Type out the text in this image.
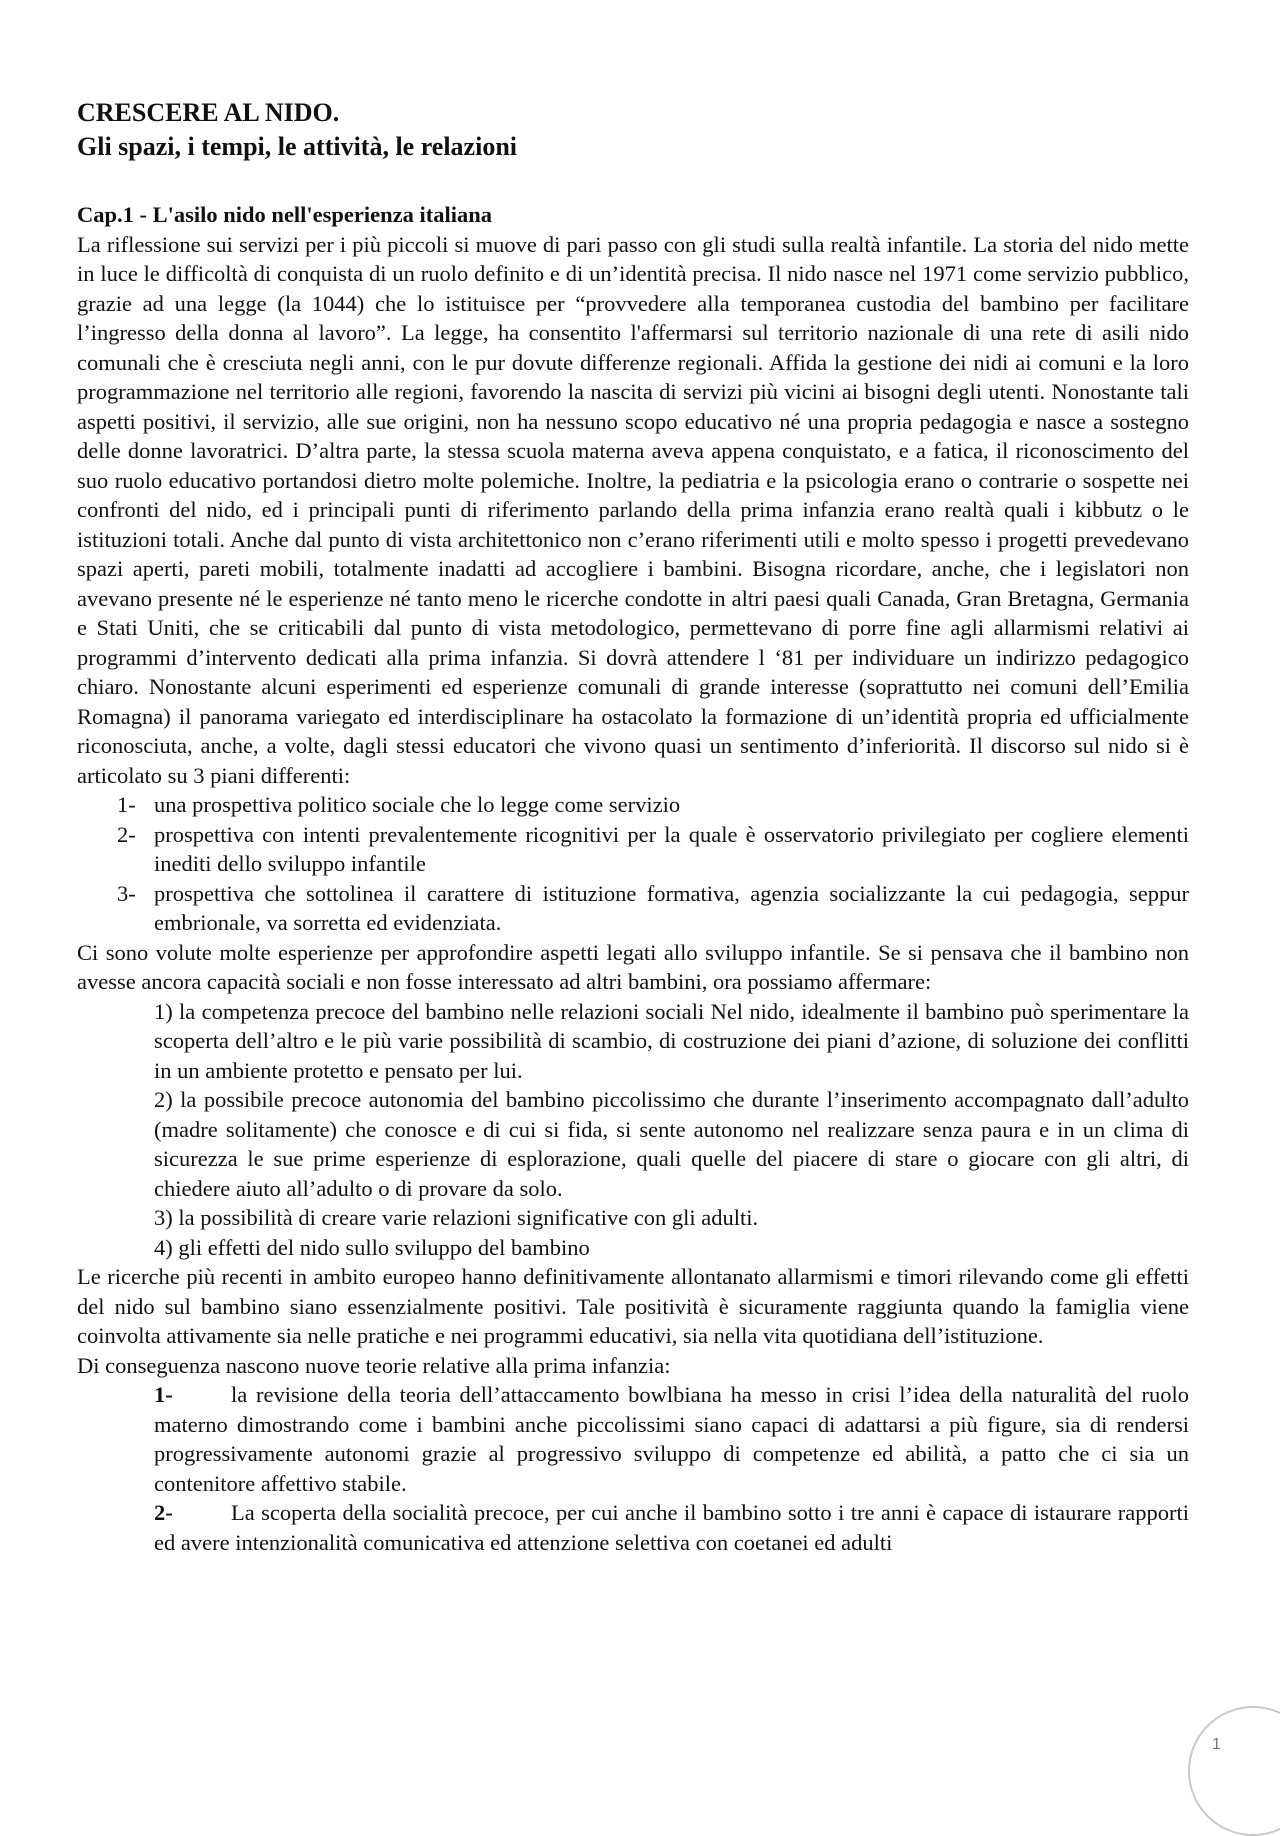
CRESCERE AL NIDO.
Gli spazi, i tempi, le attività, le relazioni
Cap.1 - L'asilo nido nell'esperienza italiana

La riflessione sui servizi per i più piccoli si muove di pari passo con gli studi sulla realtà infantile. La storia del nido mette in luce le difficoltà di conquista di un ruolo definito e di un’identità precisa. Il nido nasce nel 1971 come servizio pubblico, grazie ad una legge (la 1044) che lo istituisce per “provvedere alla temporanea custodia del bambino per facilitare l’ingresso della donna al lavoro”. La legge, ha consentito l'affermarsi sul territorio nazionale di una rete di asili nido comunali che è cresciuta negli anni, con le pur dovute differenze regionali. Affida la gestione dei nidi ai comuni e la loro programmazione nel territorio alle regioni, favorendo la nascita di servizi più vicini ai bisogni degli utenti. Nonostante tali aspetti positivi, il servizio, alle sue origini, non ha nessuno scopo educativo né una propria pedagogia e nasce a sostegno delle donne lavoratrici. D’altra parte, la stessa scuola materna aveva appena conquistato, e a fatica, il riconoscimento del suo ruolo educativo portandosi dietro molte polemiche. Inoltre, la pediatria e la psicologia erano o contrarie o sospette nei confronti del nido, ed i principali punti di riferimento parlando della prima infanzia erano realtà quali i kibbutz o le istituzioni totali. Anche dal punto di vista architettonico non c’erano riferimenti utili e molto spesso i progetti prevedevano spazi aperti, pareti mobili, totalmente inadatti ad accogliere i bambini. Bisogna ricordare, anche, che i legislatori non avevano presente né le esperienze né tanto meno le ricerche condotte in altri paesi quali Canada, Gran Bretagna, Germania e Stati Uniti, che se criticabili dal punto di vista metodologico, permettevano di porre fine agli allarmismi relativi ai programmi d’intervento dedicati alla prima infanzia. Si dovrà attendere l ‘81 per individuare un indirizzo pedagogico chiaro. Nonostante alcuni esperimenti ed esperienze comunali di grande interesse (soprattutto nei comuni dell’Emilia Romagna) il panorama variegato ed interdisciplinare ha ostacolato la formazione di un’identità propria ed ufficialmente riconosciuta, anche, a volte, dagli stessi educatori che vivono quasi un sentimento d’inferiorità. Il discorso sul nido si è articolato su 3 piani differenti:

1- una prospettiva politico sociale che lo legge come servizio
2- prospettiva con intenti prevalentemente ricognitivi per la quale è osservatorio privilegiato per cogliere elementi inediti dello sviluppo infantile
3- prospettiva che sottolinea il carattere di istituzione formativa, agenzia socializzante la cui pedagogia, seppur embrionale, va sorretta ed evidenziata.

Ci sono volute molte esperienze per approfondire aspetti legati allo sviluppo infantile. Se si pensava che il bambino non avesse ancora capacità sociali e non fosse interessato ad altri bambini, ora possiamo affermare:

1) la competenza precoce del bambino nelle relazioni sociali Nel nido, idealmente il bambino può sperimentare la scoperta dell’altro e le più varie possibilità di scambio, di costruzione dei piani d’azione, di soluzione dei conflitti in un ambiente protetto e pensato per lui.
2) la possibile precoce autonomia del bambino piccolissimo che durante l’inserimento accompagnato dall’adulto (madre solitamente) che conosce e di cui si fida, si sente autonomo nel realizzare senza paura e in un clima di sicurezza le sue prime esperienze di esplorazione, quali quelle del piacere di stare o giocare con gli altri, di chiedere aiuto all’adulto o di provare da solo.
3) la possibilità di creare varie relazioni significative con gli adulti.
4) gli effetti del nido sullo sviluppo del bambino

Le ricerche più recenti in ambito europeo hanno definitivamente allontanato allarmismi e timori rilevando come gli effetti del nido sul bambino siano essenzialmente positivi. Tale positività è sicuramente raggiunta quando la famiglia viene coinvolta attivamente sia nelle pratiche e nei programmi educativi, sia nella vita quotidiana dell’istituzione.

Di conseguenza nascono nuove teorie relative alla prima infanzia:

1-	la revisione della teoria dell’attaccamento bowlbiana ha messo in crisi l’idea della naturalità del ruolo materno dimostrando come i bambini anche piccolissimi siano capaci di adattarsi a più figure, sia di rendersi progressivamente autonomi grazie al progressivo sviluppo di competenze ed abilità, a patto che ci sia un contenitore affettivo stabile.
2-	La scoperta della socialità precoce, per cui anche il bambino sotto i tre anni è capace di istaurare rapporti ed avere intenzionalità comunicativa ed attenzione selettiva con coetanei ed adulti
1
